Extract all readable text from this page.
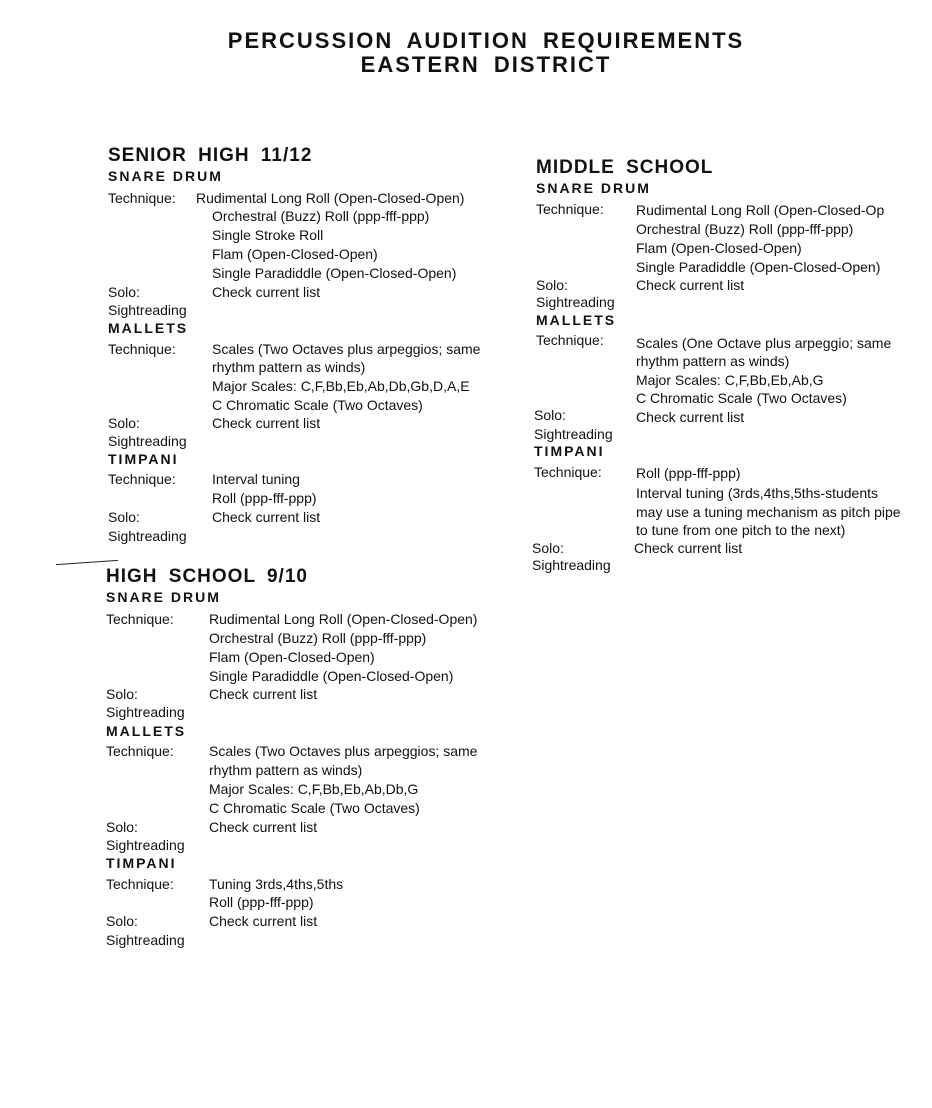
PERCUSSION AUDITION REQUIREMENTS
EASTERN DISTRICT
SENIOR HIGH 11/12
SNARE DRUM
Technique: Rudimental Long Roll (Open-Closed-Open)
Orchestral (Buzz) Roll (ppp-fff-ppp)
Single Stroke Roll
Flam (Open-Closed-Open)
Single Paradiddle (Open-Closed-Open)
Solo:	Check current list
Sightreading
MALLETS
Technique:	Scales (Two Octaves plus arpeggios; same
rhythm pattern as winds)
Major Scales: C,F,Bb,Eb,Ab,Db,Gb,D,A,E
C Chromatic Scale (Two Octaves)
Solo:	Check current list
Sightreading
TIMPANI
Technique:	Interval tuning
Roll (ppp-fff-ppp)
Solo:	Check current list
Sightreading
HIGH SCHOOL 9/10
SNARE DRUM
Technique:	Rudimental Long Roll (Open-Closed-Open)
Orchestral (Buzz) Roll (ppp-fff-ppp)
Flam (Open-Closed-Open)
Single Paradiddle (Open-Closed-Open)
Solo:	Check current list
Sightreading
MALLETS
Technique:	Scales (Two Octaves plus arpeggios; same
rhythm pattern as winds)
Major Scales: C,F,Bb,Eb,Ab,Db,G
C Chromatic Scale (Two Octaves)
Solo:	Check current list
Sightreading
TIMPANI
Technique:	Tuning 3rds,4ths,5ths
Roll (ppp-fff-ppp)
Solo:	Check current list
Sightreading
MIDDLE SCHOOL
SNARE DRUM
Technique: Rudimental Long Roll (Open-Closed-Op
Orchestral (Buzz) Roll (ppp-fff-ppp)
Flam (Open-Closed-Open)
Single Paradiddle (Open-Closed-Open)
Solo:	Check current list
Sightreading
MALLETS
Technique: Scales (One Octave plus arpeggio; same
rhythm pattern as winds)
Major Scales: C,F,Bb,Eb,Ab,G
C Chromatic Scale (Two Octaves)
Solo:	Check current list
Sightreading
TIMPANI
Technique: Roll (ppp-fff-ppp)
Interval tuning (3rds,4ths,5ths-students
may use a tuning mechanism as pitch pipe
to tune from one pitch to the next)
Solo:	Check current list
Sightreading
